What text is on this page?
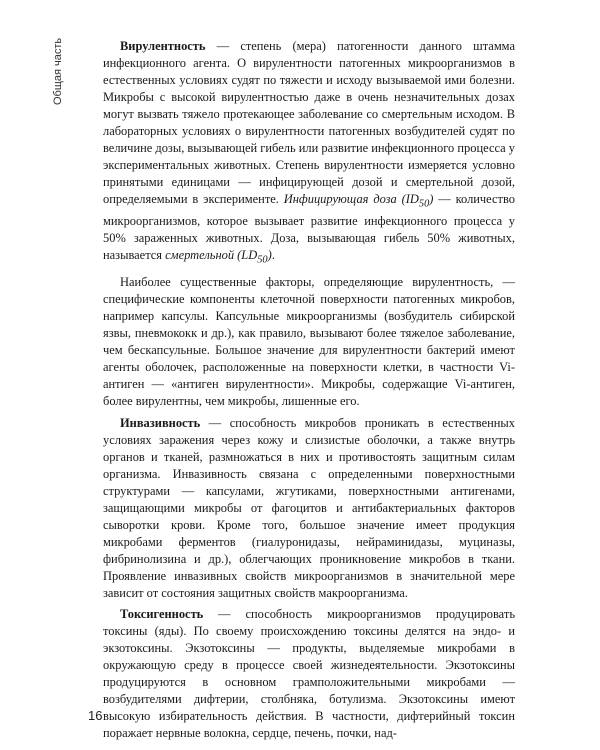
Общая часть	Вирулентность — степень (мера) патогенности данного штамма инфекционного агента. О вирулентности патогенных микроорганизмов в естественных условиях судят по тяжести и исходу вызываемой ими болезни. Микробы с высокой вирулентностью даже в очень незначительных дозах могут вызвать тяжело протекающее заболевание со смертельным исходом. В лабораторных условиях о вирулентности патогенных возбудителей судят по величине дозы, вызывающей гибель или развитие инфекционного процесса у экспериментальных животных. Степень вирулентности измеряется условно принятыми единицами — инфицирующей дозой и смертельной дозой, определяемыми в эксперименте. Инфицирующая доза $(ID_{50})$ — количество микроорганизмов, которое вызывает развитие инфекционного процесса у 50% зараженных животных. Доза, вызывающая гибель 50% животных, называется смертельной $(LD_{50})$.

Наиболее существенные факторы, определяющие вирулентность, — специфические компоненты клеточной поверхности патогенных микробов, например капсулы. Капсульные микроорганизмы (возбудитель сибирской язвы, пневмококк и др.), как правило, вызывают более тяжелое заболевание, чем бескапсульные. Большое значение для вирулентности бактерий имеют агенты оболочек, расположенные на поверхности клетки, в частности Vi-антиген — «антиген вирулентности». Микробы, содержащие Vi-антиген, более вирулентны, чем микробы, лишенные его.

Инвазивность — способность микробов проникать в естественных условиях заражения через кожу и слизистые оболочки, а также внутрь органов и тканей, размножаться в них и противостоять защитным силам организма. Инвазивность связана с определенными поверхностными структурами — капсулами, жгутиками, поверхностными антигенами, защищающими микробы от фагоцитов и антибактериальных факторов сыворотки крови. Кроме того, большое значение имеет продукция микробами ферментов (гиалуронидазы, нейраминидазы, муциназы, фибринолизина и др.), облегчающих проникновение микробов в ткани. Проявление инвазивных свойств микроорганизмов в значительной мере зависит от состояния защитных свойств макроорганизма.

Токсигенность — способность микроорганизмов продуцировать токсины (яды). По своему происхождению токсины делятся на эндо- и экзотоксины. Экзотоксины — продукты, выделяемые микробами в окружающую среду в процессе своей жизнедеятельности. Экзотоксины продуцируются в основном грамположительными микробами — возбудителями дифтерии, столбняка, ботулизма. Экзотоксины имеют высокую избирательность действия. В частности, дифтерийный токсин поражает нервные волокна, сердце, печень, почки, над-

16
